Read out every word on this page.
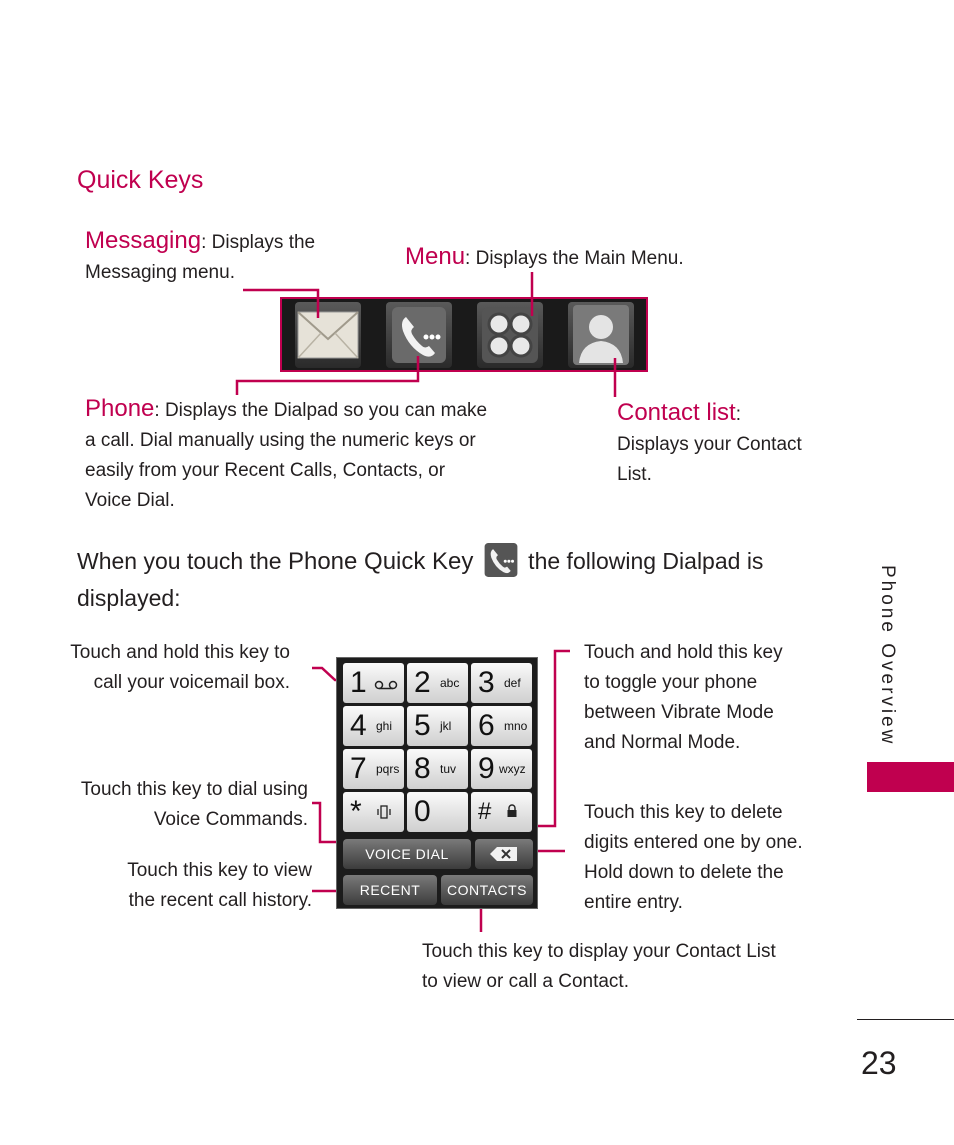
Quick Keys
Messaging: Displays the
Messaging menu.
Menu: Displays the Main Menu.
Phone: Displays the Dialpad so you can make
a call. Dial manually using the numeric keys or
easily from your Recent Calls, Contacts, or
Voice Dial.
Contact list:
Displays your Contact
List.
When you touch the Phone Quick Key  the following Dialpad is
displayed:
Touch and hold this key to
call your voicemail box.
Touch this key to dial using
Voice Commands.
Touch this key to view
the recent call history.
Touch and hold this key
to toggle your phone
between Vibrate Mode
and Normal Mode.
Touch this key to delete
digits entered one by one.
Hold down to delete the
entire entry.
Touch this key to display your Contact List
to view or call a Contact.
1 2 abc 3 def
4 ghi 5 jkl 6 mno
7 pqrs 8 tuv 9 wxyz
* 0 #
VOICE DIAL
RECENT	CONTACTS
Phone Overview
23
